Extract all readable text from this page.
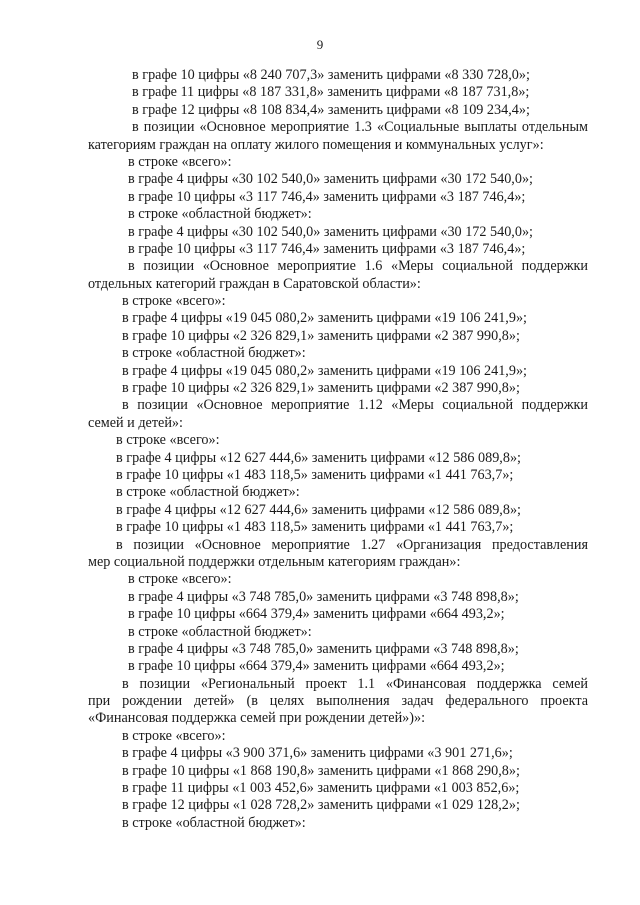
9
в графе 10 цифры «8 240 707,3» заменить цифрами «8 330 728,0»;
в графе 11 цифры «8 187 331,8» заменить цифрами «8 187 731,8»;
в графе 12 цифры «8 108 834,4» заменить цифрами «8 109 234,4»;
в позиции «Основное мероприятие 1.3 «Социальные выплаты отдельным
категориям граждан на оплату жилого помещения и коммунальных услуг»:
в строке «всего»:
в графе 4 цифры «30 102 540,0» заменить цифрами «30 172 540,0»;
в графе 10 цифры «3 117 746,4» заменить цифрами «3 187 746,4»;
в строке «областной бюджет»:
в графе 4 цифры «30 102 540,0» заменить цифрами «30 172 540,0»;
в графе 10 цифры «3 117 746,4» заменить цифрами «3 187 746,4»;
в позиции «Основное мероприятие 1.6 «Меры социальной поддержки
отдельных категорий граждан в Саратовской области»:
в строке «всего»:
в графе 4 цифры «19 045 080,2» заменить цифрами «19 106 241,9»;
в графе 10 цифры «2 326 829,1» заменить цифрами «2 387 990,8»;
в строке «областной бюджет»:
в графе 4 цифры «19 045 080,2» заменить цифрами «19 106 241,9»;
в графе 10 цифры «2 326 829,1» заменить цифрами «2 387 990,8»;
в позиции «Основное мероприятие 1.12 «Меры социальной поддержки
семей и детей»:
в строке «всего»:
в графе 4 цифры «12 627 444,6» заменить цифрами «12 586 089,8»;
в графе 10 цифры «1 483 118,5» заменить цифрами «1 441 763,7»;
в строке «областной бюджет»:
в графе 4 цифры «12 627 444,6» заменить цифрами «12 586 089,8»;
в графе 10 цифры «1 483 118,5» заменить цифрами «1 441 763,7»;
в позиции «Основное мероприятие 1.27 «Организация предоставления
мер социальной поддержки отдельным категориям граждан»:
в строке «всего»:
в графе 4 цифры «3 748 785,0» заменить цифрами «3 748 898,8»;
в графе 10 цифры «664 379,4» заменить цифрами «664 493,2»;
в строке «областной бюджет»:
в графе 4 цифры «3 748 785,0» заменить цифрами «3 748 898,8»;
в графе 10 цифры «664 379,4» заменить цифрами «664 493,2»;
в позиции «Региональный проект 1.1 «Финансовая поддержка семей
при рождении детей» (в целях выполнения задач федерального проекта
«Финансовая поддержка семей при рождении детей»)»:
в строке «всего»:
в графе 4 цифры «3 900 371,6» заменить цифрами «3 901 271,6»;
в графе 10 цифры «1 868 190,8» заменить цифрами «1 868 290,8»;
в графе 11 цифры «1 003 452,6» заменить цифрами «1 003 852,6»;
в графе 12 цифры «1 028 728,2» заменить цифрами «1 029 128,2»;
в строке «областной бюджет»:
